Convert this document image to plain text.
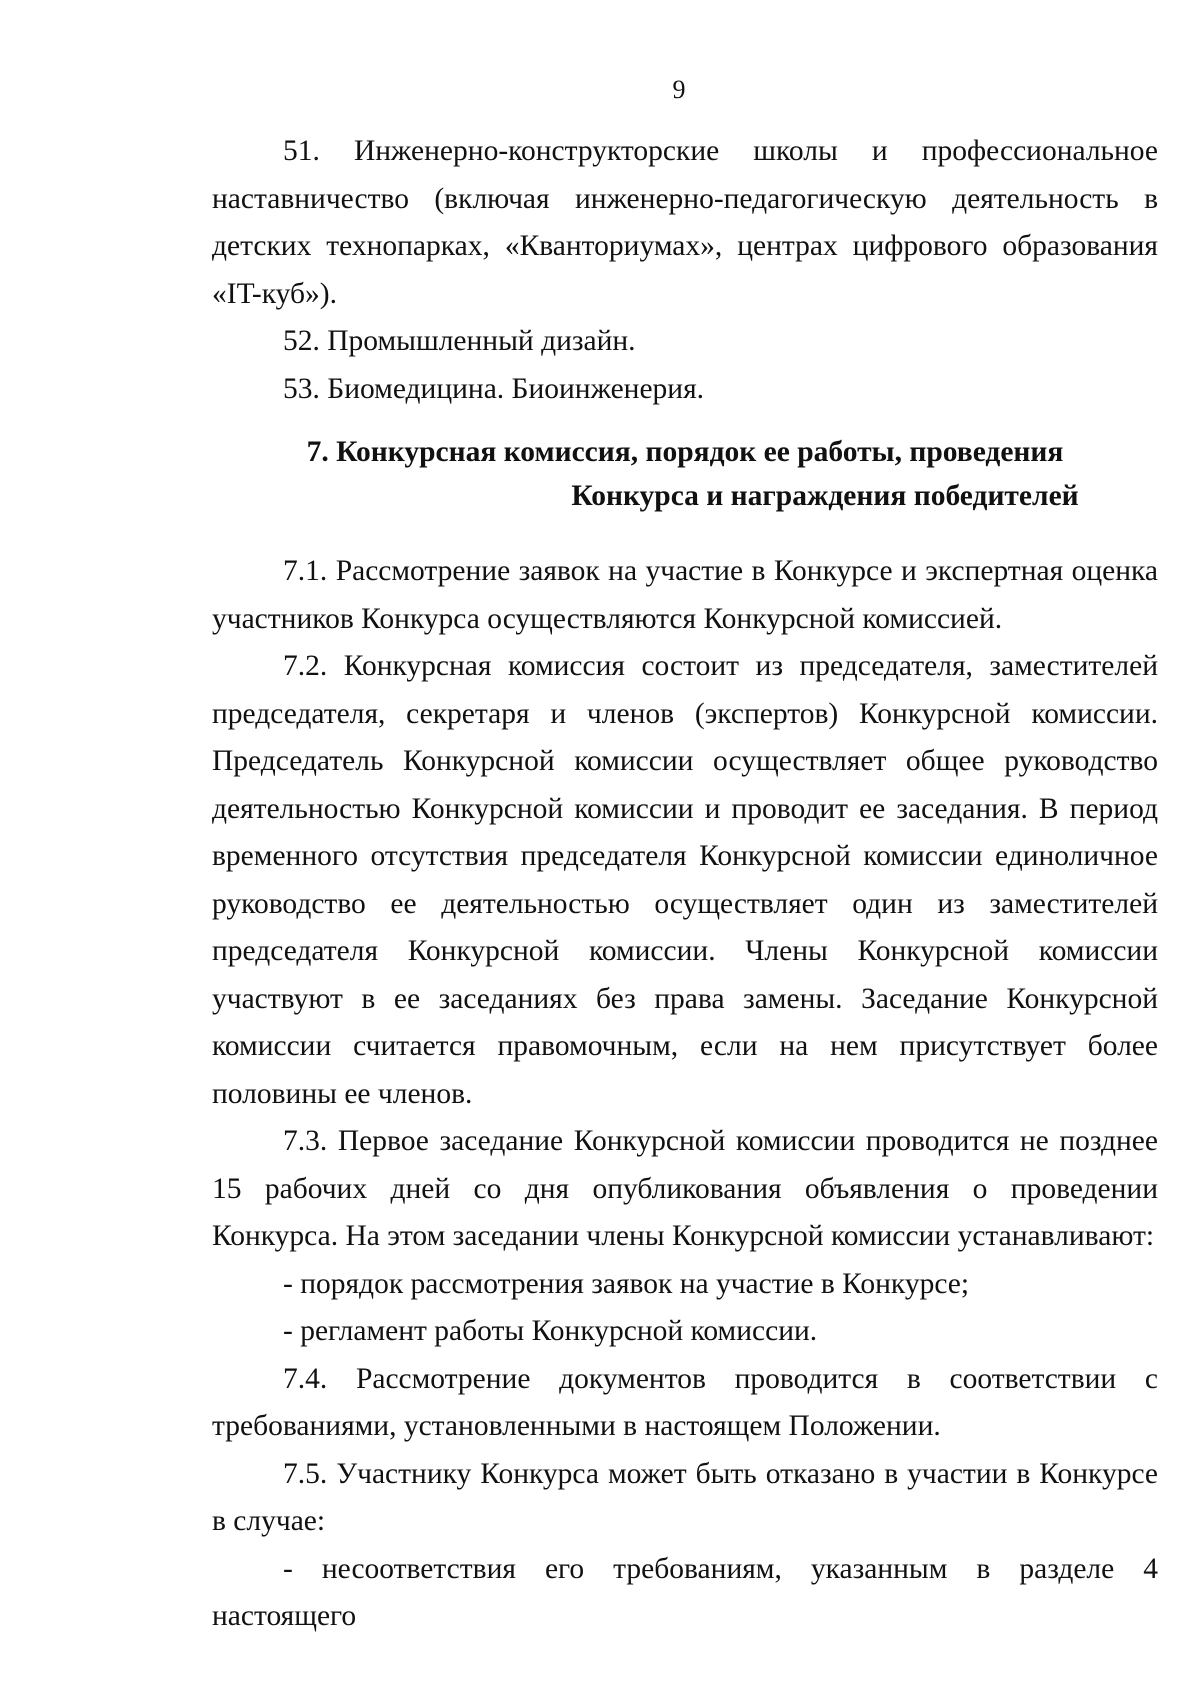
9

51. Инженерно-конструкторские школы и профессиональное наставничество (включая инженерно-педагогическую деятельность в детских технопарках, «Кванториумах», центрах цифрового образования «IT-куб»).

52. Промышленный дизайн.

53. Биомедицина. Биоинженерия.

7. Конкурсная комиссия, порядок ее работы, проведения
Конкурса и награждения победителей

7.1. Рассмотрение заявок на участие в Конкурсе и экспертная оценка участников Конкурса осуществляются Конкурсной комиссией.

7.2. Конкурсная комиссия состоит из председателя, заместителей председателя, секретаря и членов (экспертов) Конкурсной комиссии. Председатель Конкурсной комиссии осуществляет общее руководство деятельностью Конкурсной комиссии и проводит ее заседания. В период временного отсутствия председателя Конкурсной комиссии единоличное руководство ее деятельностью осуществляет один из заместителей председателя Конкурсной комиссии. Члены Конкурсной комиссии участвуют в ее заседаниях без права замены. Заседание Конкурсной комиссии считается правомочным, если на нем присутствует более половины ее членов.

7.3. Первое заседание Конкурсной комиссии проводится не позднее 15 рабочих дней со дня опубликования объявления о проведении Конкурса. На этом заседании члены Конкурсной комиссии устанавливают:

- порядок рассмотрения заявок на участие в Конкурсе;

- регламент работы Конкурсной комиссии.

7.4. Рассмотрение документов проводится в соответствии с требованиями, установленными в настоящем Положении.

7.5. Участнику Конкурса может быть отказано в участии в Конкурсе в случае:

- несоответствия его требованиям, указанным в разделе 4 настоящего
